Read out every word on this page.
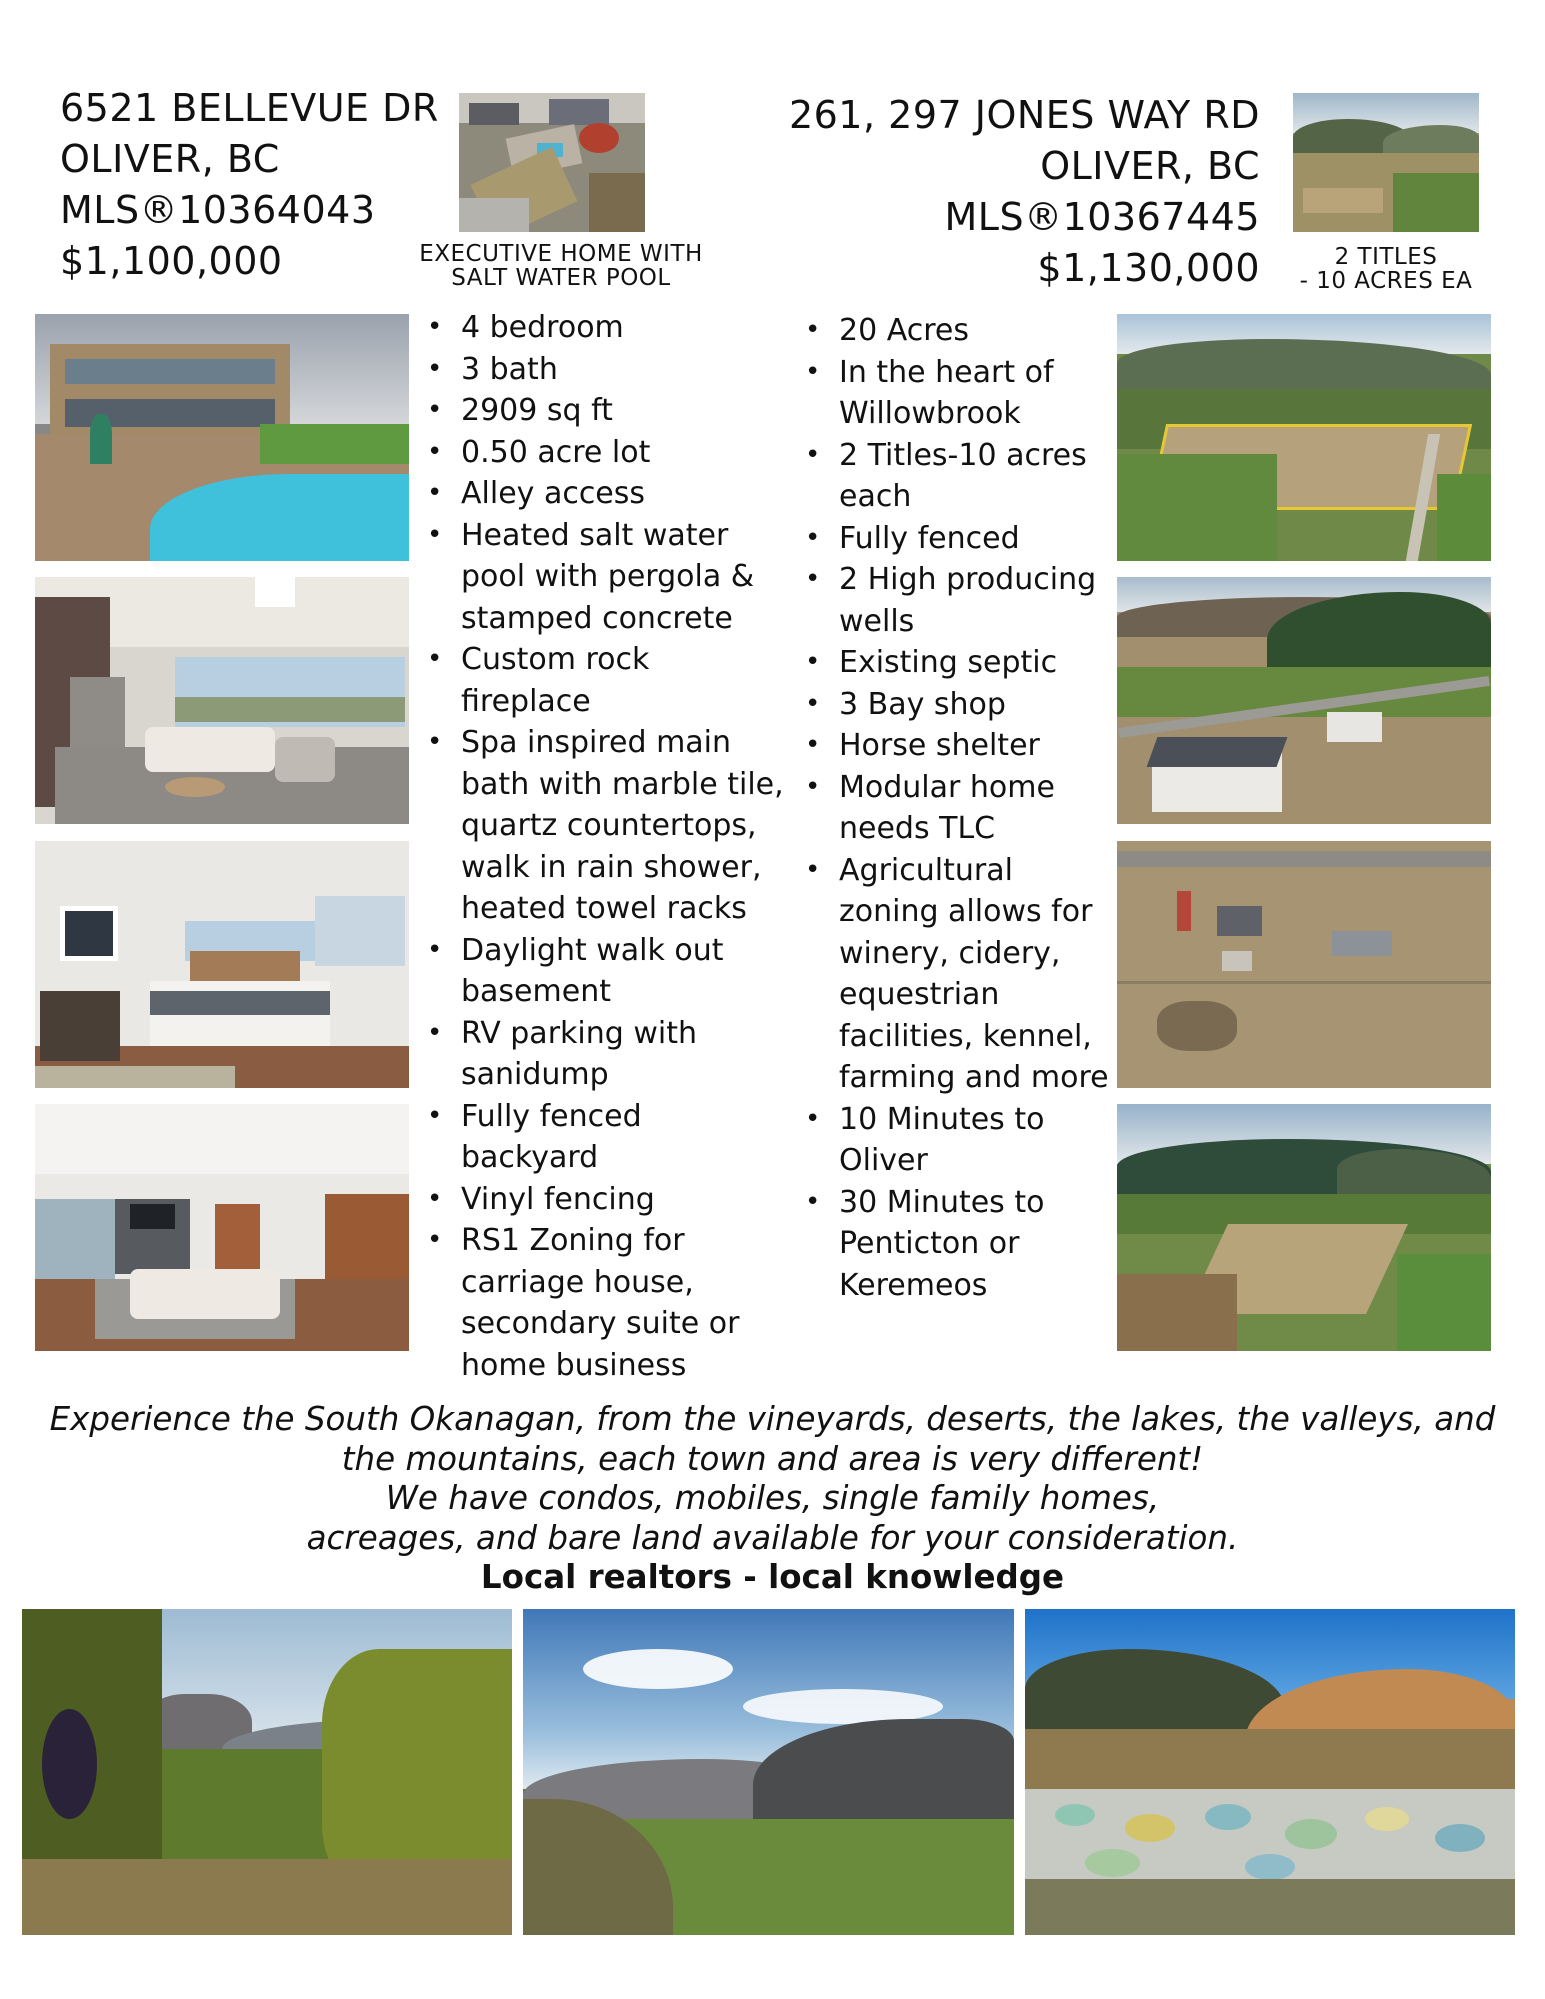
6521 BELLEVUE DR
OLIVER, BC
MLS®10364043
$1,100,000	EXECUTIVE HOME WITH
SALT WATER POOL
261, 297 JONES WAY RD
OLIVER, BC
MLS®10367445
$1,130,000	2 TITLES
- 10 ACRES EA
• 4 bedroom
• 3 bath
• 2909 sq ft
• 0.50 acre lot
• Alley access
• Heated salt water
pool with pergola &
stamped concrete
• Custom rock
fireplace
• Spa inspired main
bath with marble tile,
quartz countertops,
walk in rain shower,
heated towel racks
• Daylight walk out
basement
• RV parking with
sanidump
• Fully fenced
backyard
• Vinyl fencing
• RS1 Zoning for
carriage house,
secondary suite or
home business
• 20 Acres
• In the heart of
Willowbrook
• 2 Titles-10 acres
each
• Fully fenced
• 2 High producing
wells
• Existing septic
• 3 Bay shop
• Horse shelter
• Modular home
needs TLC
• Agricultural
zoning allows for
winery, cidery,
equestrian
facilities, kennel,
farming and more
• 10 Minutes to
Oliver
• 30 Minutes to
Penticton or
Keremeos
Experience the South Okanagan, from the vineyards, deserts, the lakes, the valleys, and
the mountains, each town and area is very different!
We have condos, mobiles, single family homes,
acreages, and bare land available for your consideration.
Local realtors - local knowledge
